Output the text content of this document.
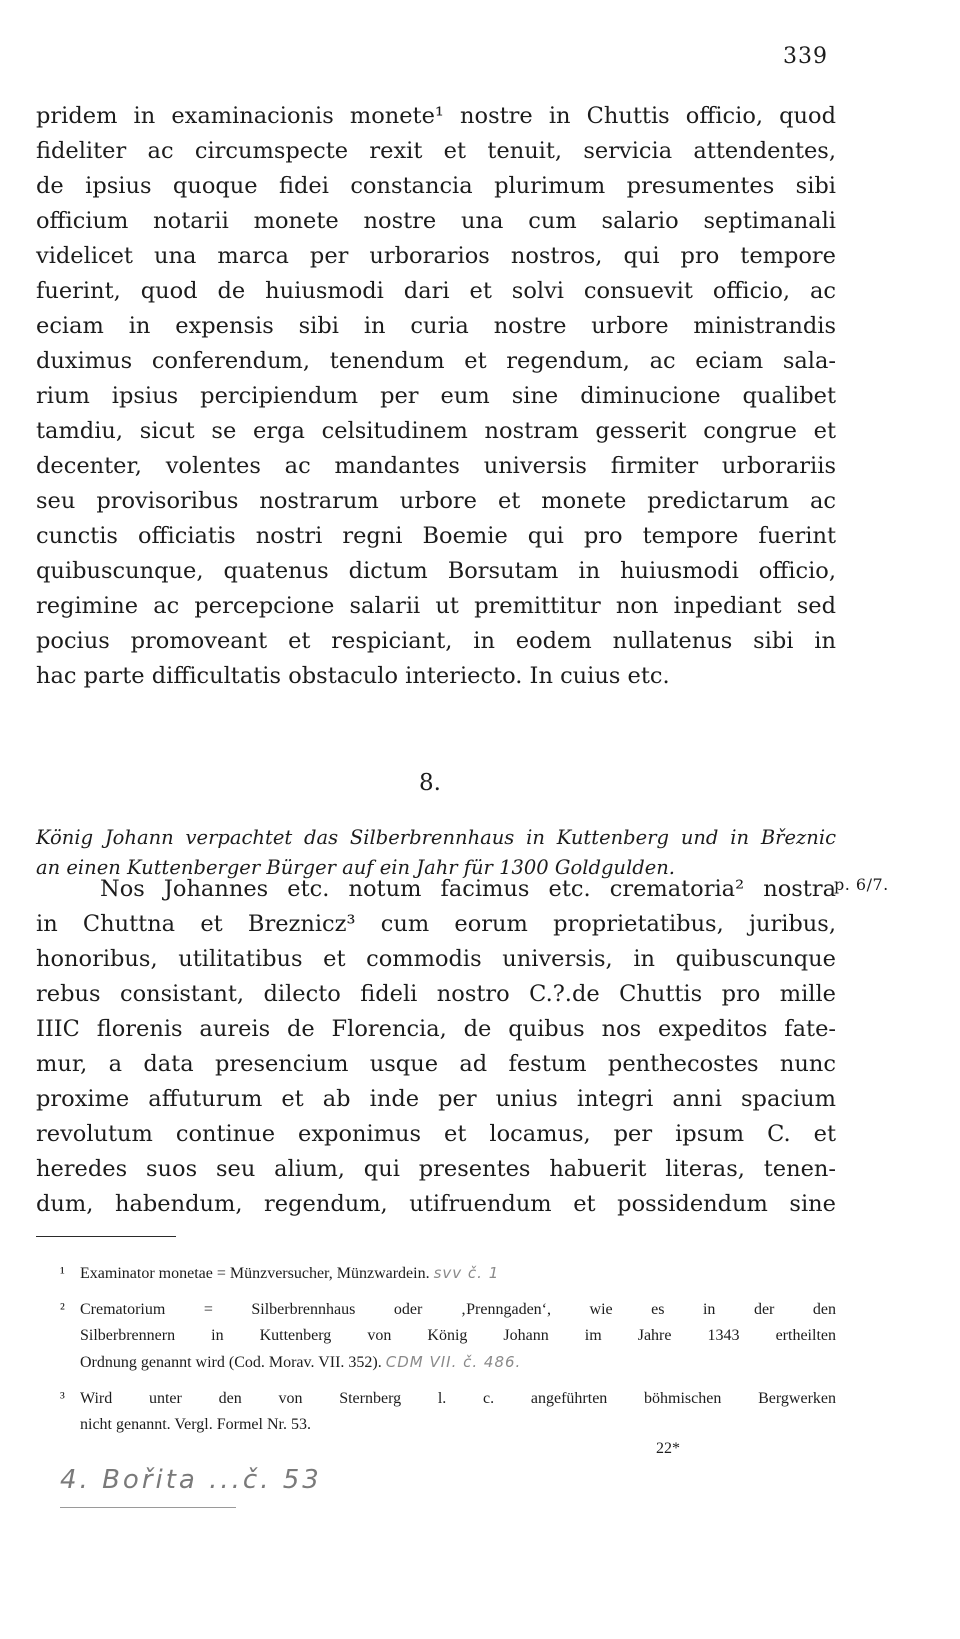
339
pridem in examinacionis monete¹ nostre in Chuttis officio, quod
fideliter ac circumspecte rexit et tenuit, servicia attendentes,
de ipsius quoque fidei constancia plurimum presumentes sibi
officium notarii monete nostre una cum salario septimanali
videlicet una marca per urborarios nostros, qui pro tempore
fuerint, quod de huiusmodi dari et solvi consuevit officio, ac
eciam in expensis sibi in curia nostre urbore ministrandis
duximus conferendum, tenendum et regendum, ac eciam sala-
rium ipsius percipiendum per eum sine diminucione qualibet
tamdiu, sicut se erga celsitudinem nostram gesserit congrue et
decenter, volentes ac mandantes universis firmiter urborariis
seu provisoribus nostrarum urbore et monete predictarum ac
cunctis officiatis nostri regni Boemie qui pro tempore fuerint
quibuscunque, quatenus dictum Borsutam in huiusmodi officio,
regimine ac percepcione salarii ut premittitur non inpediant sed
pocius promoveant et respiciant, in eodem nullatenus sibi in
hac parte difficultatis obstaculo interiecto. In cuius etc.
8.
König Johann verpachtet das Silberbrennhaus in Kuttenberg und in Březnic
an einen Kuttenberger Bürger auf ein Jahr für 1300 Goldgulden.
p. 6/7.
Nos Johannes etc. notum facimus etc. crematoria² nostra
in Chuttna et Breznicz³ cum eorum proprietatibus, juribus,
honoribus, utilitatibus et commodis universis, in quibuscunque
rebus consistant, dilecto fideli nostro C.?.de Chuttis pro mille
IIIC florenis aureis de Florencia, de quibus nos expeditos fate-
mur, a data presencium usque ad festum penthecostes nunc
proxime affuturum et ab inde per unius integri anni spacium
revolutum continue exponimus et locamus, per ipsum C. et
heredes suos seu alium, qui presentes habuerit literas, tenen-
dum, habendum, regendum, utifruendum et possidendum sine
¹ Examinator monetae = Münzversucher, Münzwardein. svv č. 1
² Crematorium = Silberbrennhaus oder ‚Prenngaden‘, wie es in der den
Silberbrennern in Kuttenberg von König Johann im Jahre 1343 ertheilten
Ordnung genannt wird (Cod. Morav. VII. 352). CDM VII. č. 486.
³ Wird unter den von Sternberg l. c. angeführten böhmischen Bergwerken
nicht genannt. Vergl. Formel Nr. 53.
22*
4. Bořita ...č. 53
